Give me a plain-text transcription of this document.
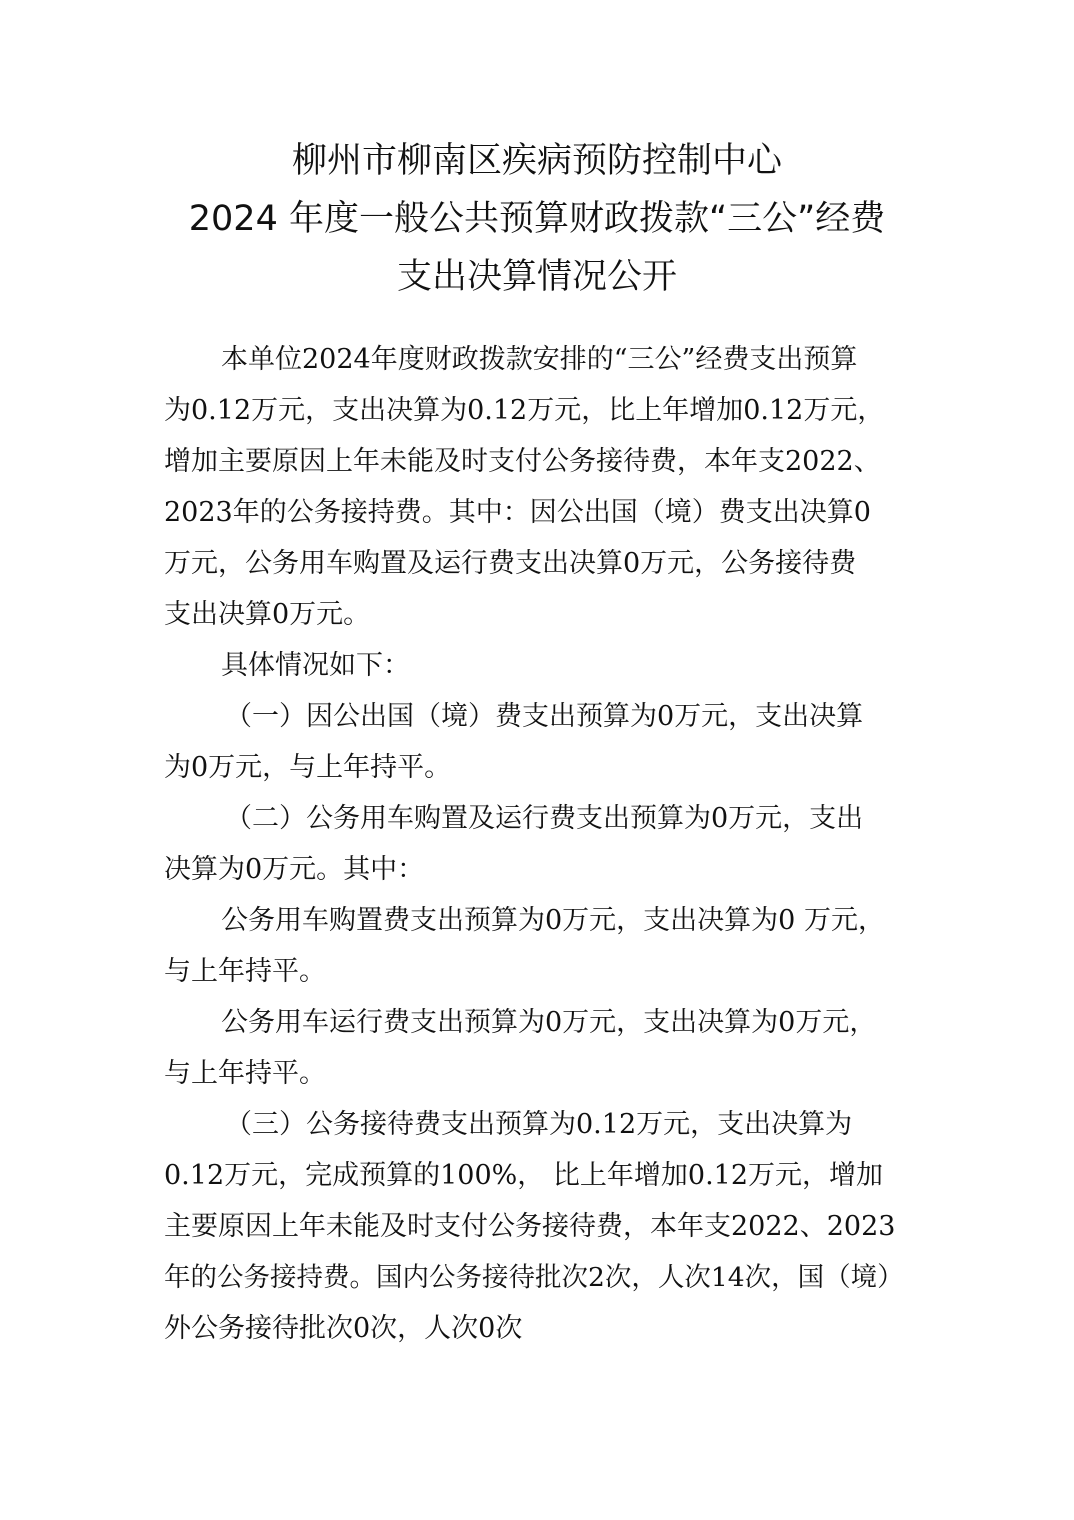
柳州市柳南区疾病预防控制中心
2024 年度一般公共预算财政拨款“三公”经费
支出决算情况公开
本单位2024年度财政拨款安排的“三公”经费支出预算
为0.12万元，支出决算为0.12万元，比上年增加0.12万元，
增加主要原因上年未能及时支付公务接待费，本年支2022、
2023年的公务接持费。其中：因公出国（境）费支出决算0
万元，公务用车购置及运行费支出决算0万元，公务接待费
支出决算0万元。
具体情况如下：
（一）因公出国（境）费支出预算为0万元，支出决算
为0万元，与上年持平。
（二）公务用车购置及运行费支出预算为0万元，支出
决算为0万元。其中：
公务用车购置费支出预算为0万元，支出决算为0 万元，
与上年持平。
公务用车运行费支出预算为0万元，支出决算为0万元，
与上年持平。
（三）公务接待费支出预算为0.12万元，支出决算为
0.12万元，完成预算的100%， 比上年增加0.12万元，增加
主要原因上年未能及时支付公务接待费，本年支2022、2023
年的公务接持费。国内公务接待批次2次，人次14次，国（境）
外公务接待批次0次，人次0次
